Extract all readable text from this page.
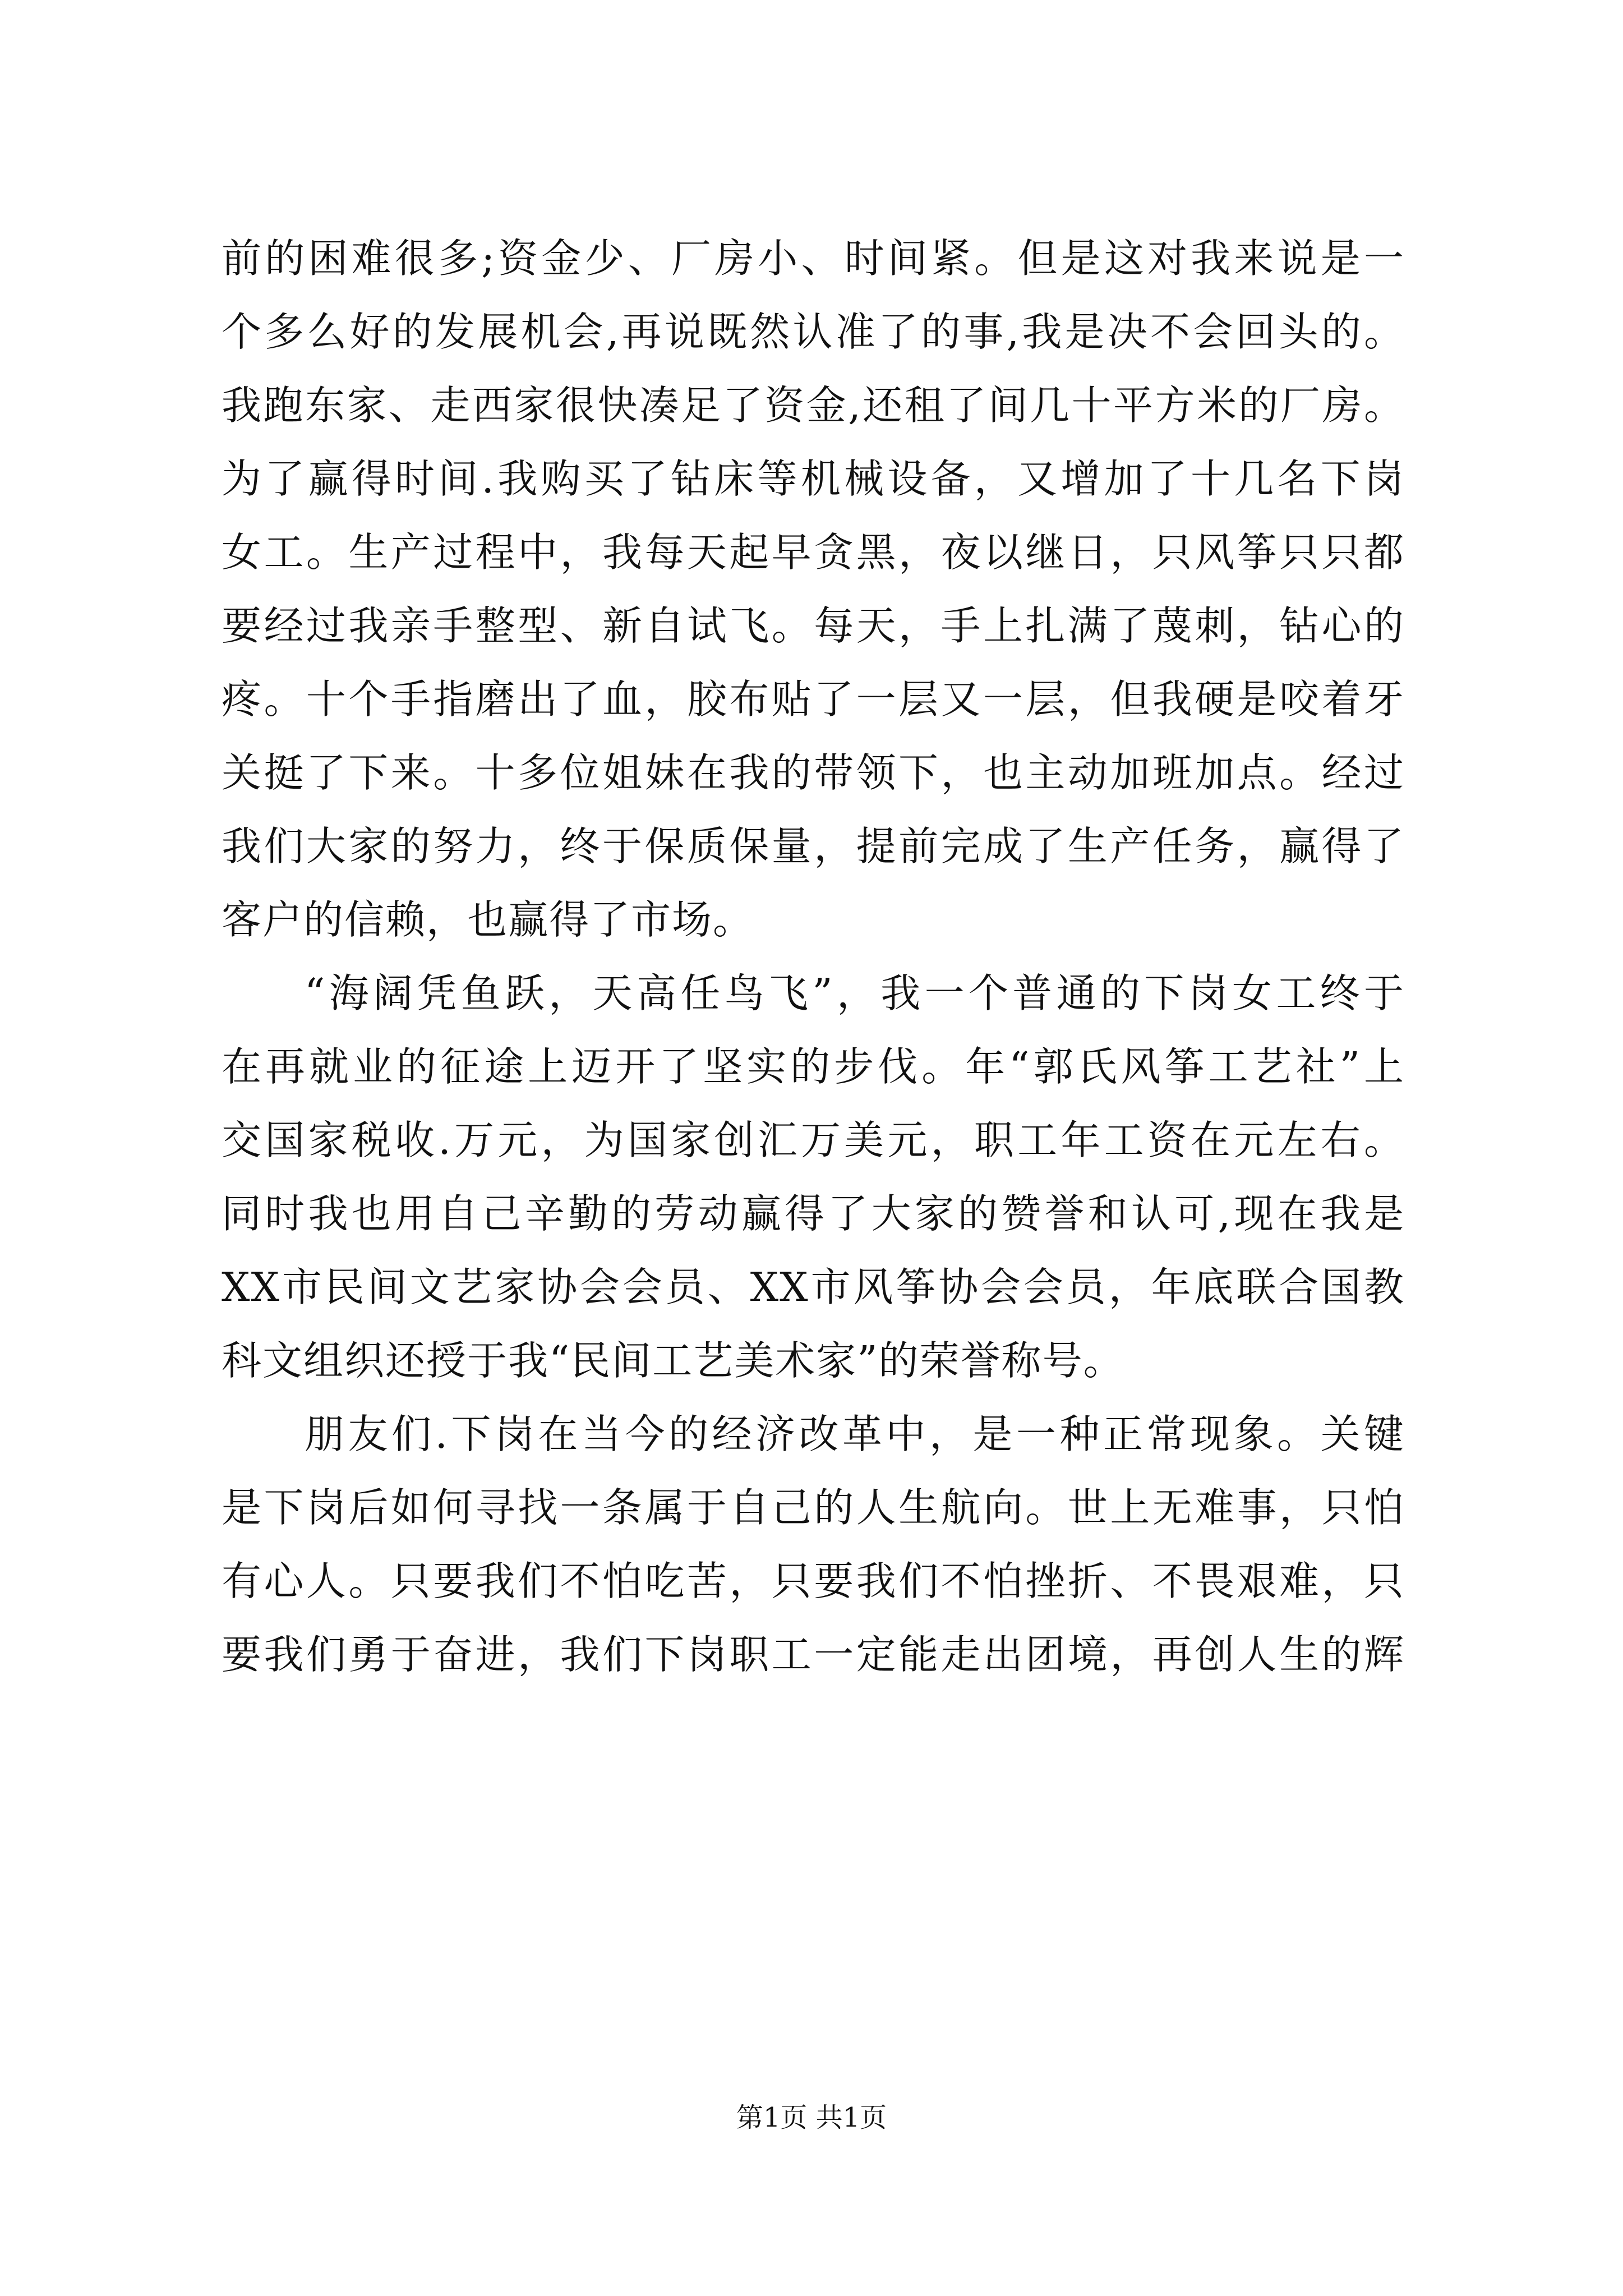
前的困难很多;资金少、厂房小、时间紧。但是这对我来说是一
个多么好的发展机会,再说既然认准了的事,我是决不会回头的。
我跑东家、走西家很快凑足了资金,还租了间几十平方米的厂房。
为了赢得时间.我购买了钻床等机械设备，又增加了十几名下岗
女工。生产过程中，我每天起早贪黑，夜以继日，只风筝只只都
要经过我亲手整型、新自试飞。每天，手上扎满了蔑刺，钻心的
疼。十个手指磨出了血，胶布贴了一层又一层，但我硬是咬着牙
关挺了下来。十多位姐妹在我的带领下，也主动加班加点。经过
我们大家的努力，终于保质保量，提前完成了生产任务，赢得了
客户的信赖，也赢得了市场。
“海阔凭鱼跃，天高任鸟飞”，我一个普通的下岗女工终于
在再就业的征途上迈开了坚实的步伐。年“郭氏风筝工艺社”上
交国家税收.万元，为国家创汇万美元，职工年工资在元左右。
同时我也用自己辛勤的劳动赢得了大家的赞誉和认可,现在我是
XX市民间文艺家协会会员、XX市风筝协会会员，年底联合国教
科文组织还授于我“民间工艺美术家”的荣誉称号。
朋友们.下岗在当今的经济改革中，是一种正常现象。关键
是下岗后如何寻找一条属于自己的人生航向。世上无难事，只怕
有心人。只要我们不怕吃苦，只要我们不怕挫折、不畏艰难，只
要我们勇于奋进，我们下岗职工一定能走出团境，再创人生的辉
第1页 共1页
